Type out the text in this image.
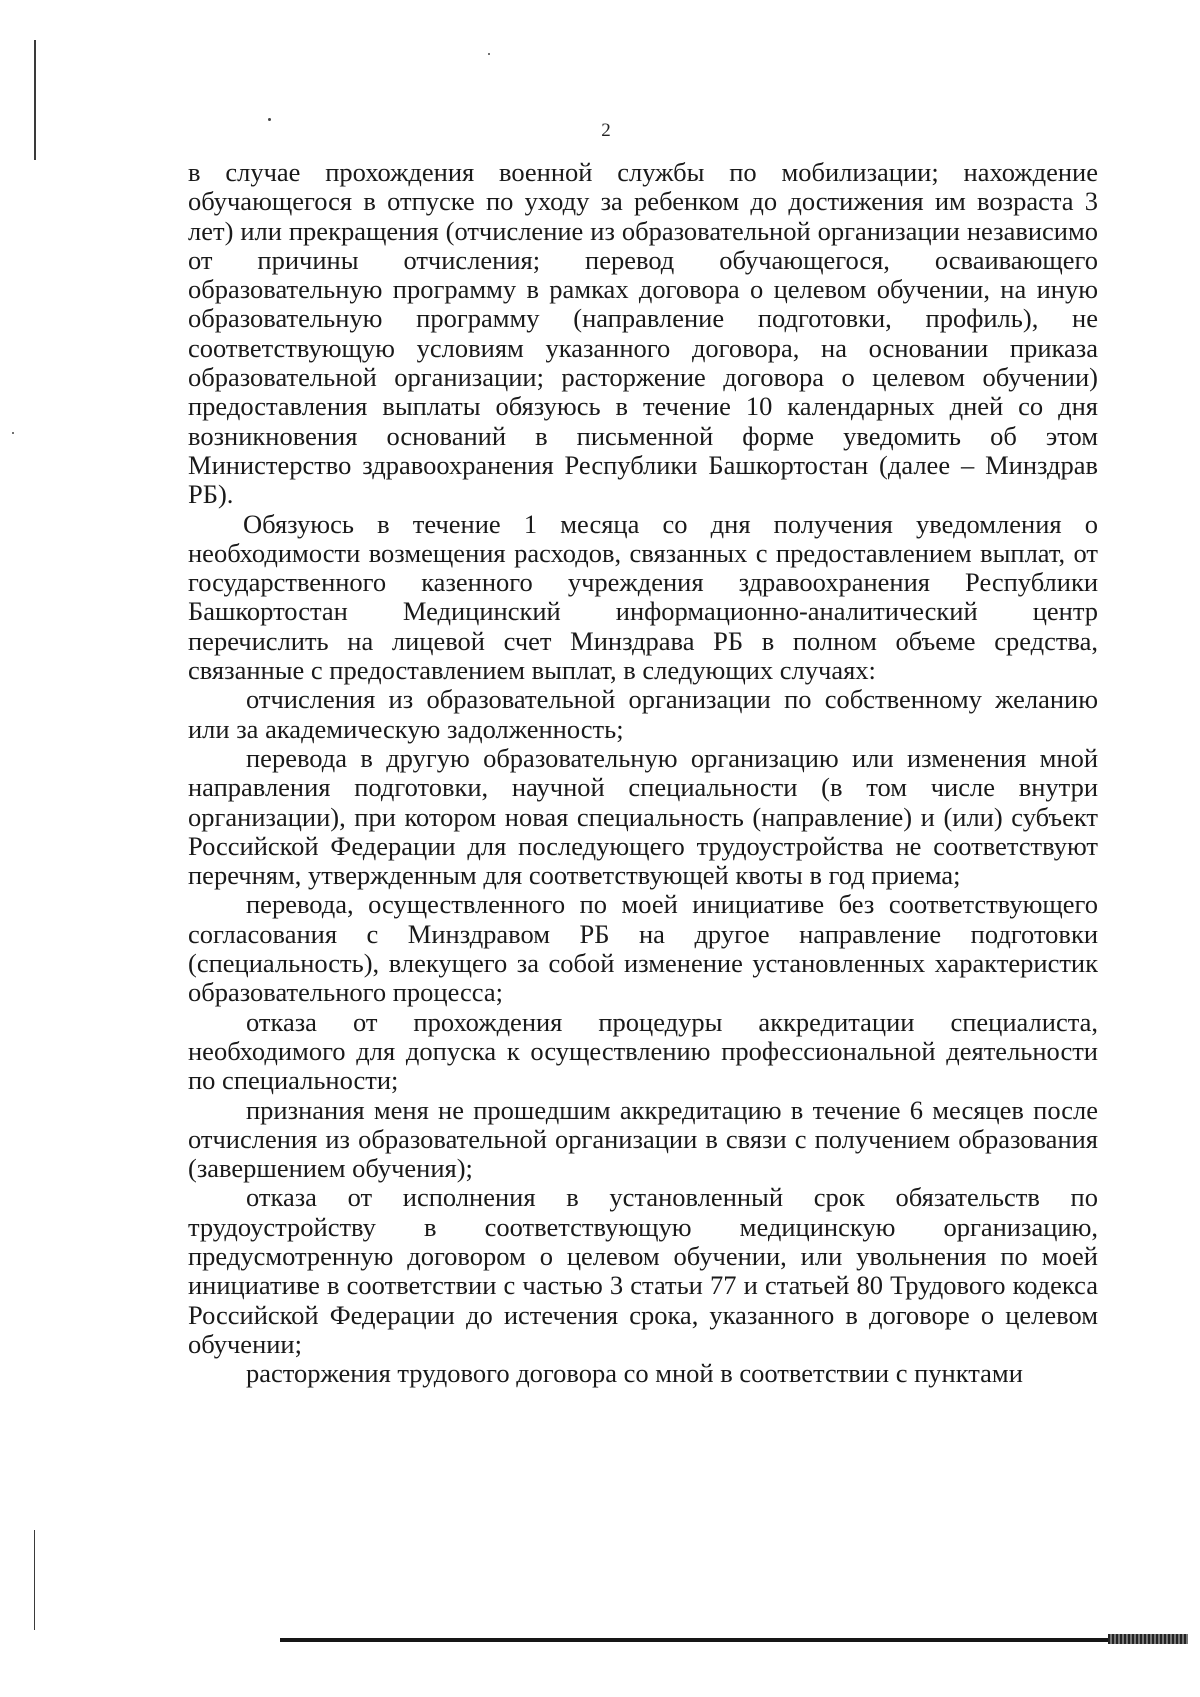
2

в случае прохождения военной службы по мобилизации; нахождение обучающегося в отпуске по уходу за ребенком до достижения им возраста 3 лет) или прекращения (отчисление из образовательной организации независимо от причины отчисления; перевод обучающегося, осваивающего образовательную программу в рамках договора о целевом обучении, на иную образовательную программу (направление подготовки, профиль), не соответствующую условиям указанного договора, на основании приказа образовательной организации; расторжение договора о целевом обучении) предоставления выплаты обязуюсь в течение 10 календарных дней со дня возникновения оснований в письменной форме уведомить об этом Министерство здравоохранения Республики Башкортостан (далее – Минздрав РБ).

Обязуюсь в течение 1 месяца со дня получения уведомления о необходимости возмещения расходов, связанных с предоставлением выплат, от государственного казенного учреждения здравоохранения Республики Башкортостан Медицинский информационно-аналитический центр перечислить на лицевой счет Минздрава РБ в полном объеме средства, связанные с предоставлением выплат, в следующих случаях:

отчисления из образовательной организации по собственному желанию или за академическую задолженность;

перевода в другую образовательную организацию или изменения мной направления подготовки, научной специальности (в том числе внутри организации), при котором новая специальность (направление) и (или) субъект Российской Федерации для последующего трудоустройства не соответствуют перечням, утвержденным для соответствующей квоты в год приема;

перевода, осуществленного по моей инициативе без соответствующего согласования с Минздравом РБ на другое направление подготовки (специальность), влекущего за собой изменение установленных характеристик образовательного процесса;

отказа от прохождения процедуры аккредитации специалиста, необходимого для допуска к осуществлению профессиональной деятельности по специальности;

признания меня не прошедшим аккредитацию в течение 6 месяцев после отчисления из образовательной организации в связи с получением образования (завершением обучения);

отказа от исполнения в установленный срок обязательств по трудоустройству в соответствующую медицинскую организацию, предусмотренную договором о целевом обучении, или увольнения по моей инициативе в соответствии с частью 3 статьи 77 и статьей 80 Трудового кодекса Российской Федерации до истечения срока, указанного в договоре о целевом обучении;

расторжения трудового договора со мной в соответствии с пунктами
